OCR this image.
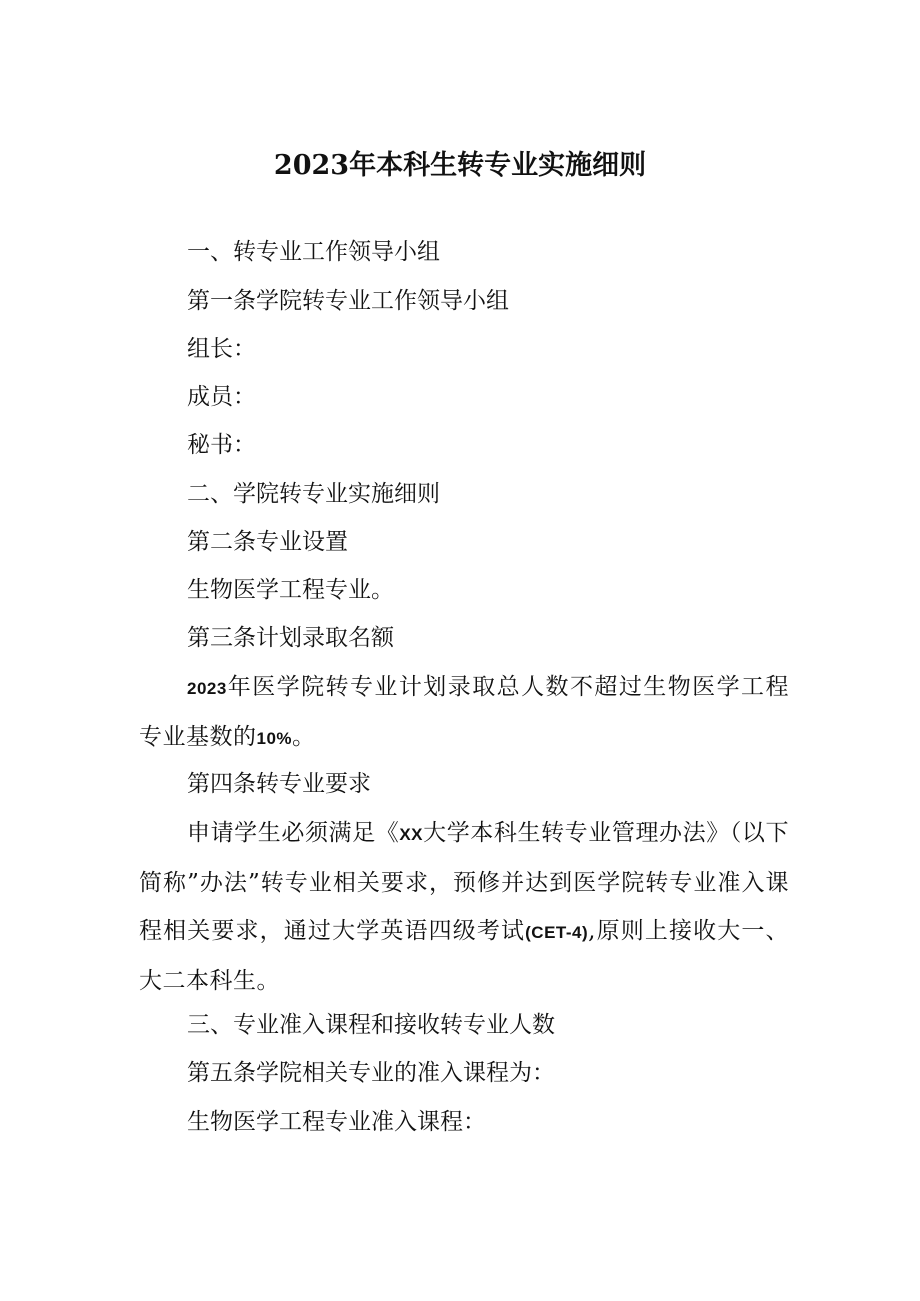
2023年本科生转专业实施细则
一、转专业工作领导小组
第一条学院转专业工作领导小组
组长：
成员：
秘书：
二、学院转专业实施细则
第二条专业设置
生物医学工程专业。
第三条计划录取名额
2023年医学院转专业计划录取总人数不超过生物医学工程专业基数的10%。
第四条转专业要求
申请学生必须满足《XX大学本科生转专业管理办法》（以下简称”办法”转专业相关要求，预修并达到医学院转专业准入课程相关要求，通过大学英语四级考试(CET-4),原则上接收大一、大二本科生。
三、专业准入课程和接收转专业人数
第五条学院相关专业的准入课程为：
生物医学工程专业准入课程：
